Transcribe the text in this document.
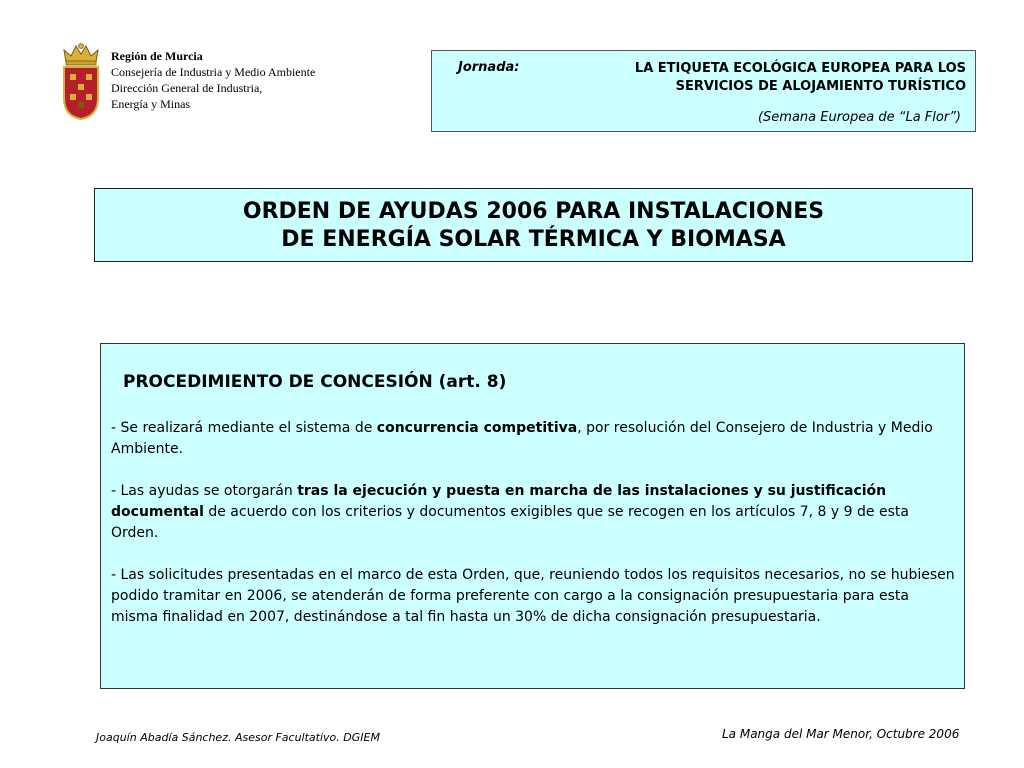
Región de Murcia
Consejería de Industria y Medio Ambiente
Dirección General de Industria,
Energía y Minas
Jornada:	LA ETIQUETA ECOLÓGICA EUROPEA PARA LOS
SERVICIOS DE ALOJAMIENTO TURÍSTICO
(Semana Europea de “La Flor”)
ORDEN DE AYUDAS 2006 PARA INSTALACIONES
DE ENERGÍA SOLAR TÉRMICA Y BIOMASA
PROCEDIMIENTO DE CONCESIÓN (art. 8)

- Se realizará mediante el sistema de concurrencia competitiva, por resolución del Consejero de Industria y Medio Ambiente.

- Las ayudas se otorgarán tras la ejecución y puesta en marcha de las instalaciones y su justificación documental de acuerdo con los criterios y documentos exigibles que se recogen en los artículos 7, 8 y 9 de esta Orden.

- Las solicitudes presentadas en el marco de esta Orden, que, reuniendo todos los requisitos necesarios, no se hubiesen podido tramitar en 2006, se atenderán de forma preferente con cargo a la consignación presupuestaria para esta misma finalidad en 2007, destinándose a tal fin hasta un 30% de dicha consignación presupuestaria.

Joaquín Abadía Sánchez. Asesor Facultativo. DGIEM	La Manga del Mar Menor, Octubre 2006
